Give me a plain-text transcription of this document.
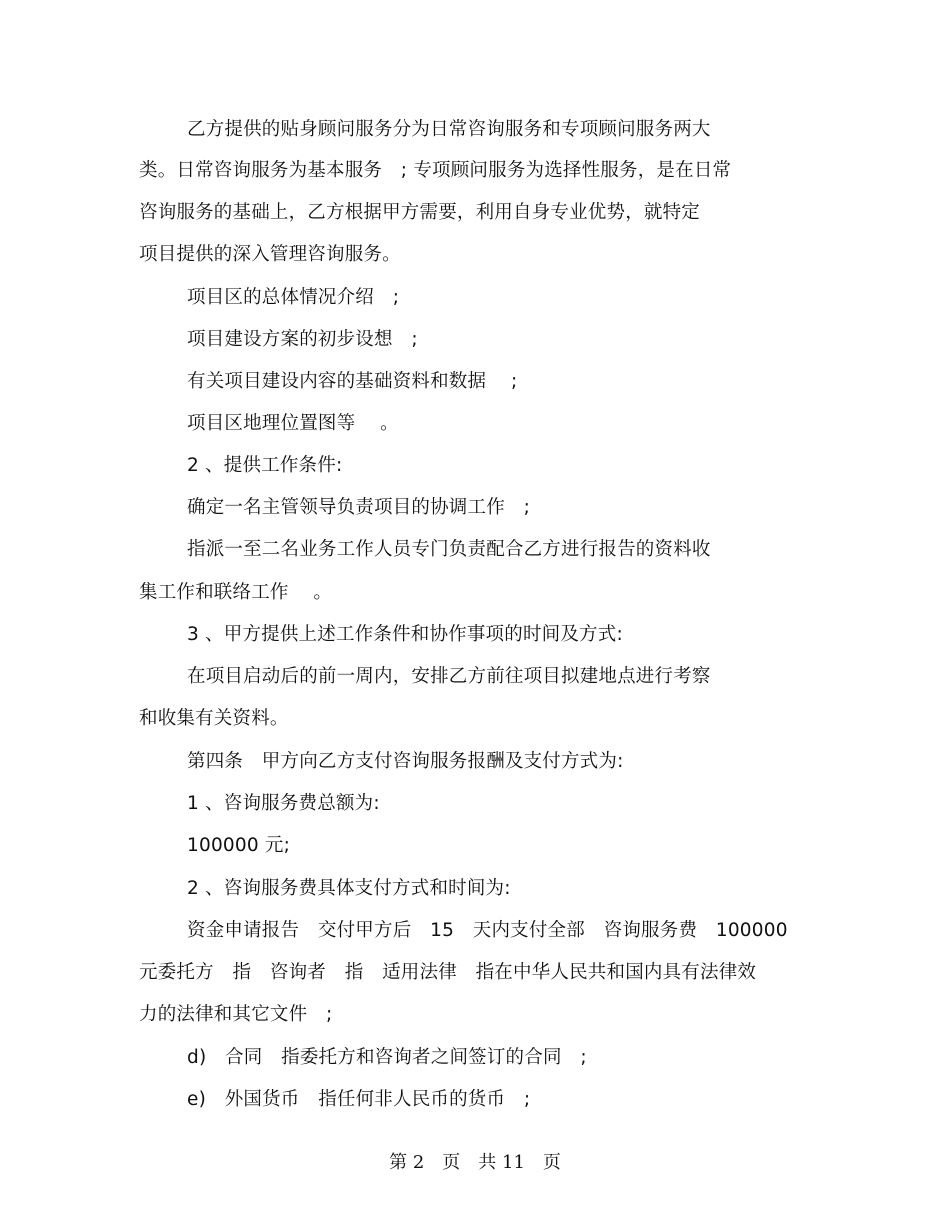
乙方提供的贴身顾问服务分为日常咨询服务和专项顾问服务两大
类。日常咨询服务为基本服务　; 专项顾问服务为选择性服务，是在日常
咨询服务的基础上，乙方根据甲方需要，利用自身专业优势，就特定
项目提供的深入管理咨询服务。
项目区的总体情况介绍　;
项目建设方案的初步设想　;
有关项目建设内容的基础资料和数据　 ;
项目区地理位置图等　 。
2 、提供工作条件:
确定一名主管领导负责项目的协调工作　;
指派一至二名业务工作人员专门负责配合乙方进行报告的资料收
集工作和联络工作　 。
3 、甲方提供上述工作条件和协作事项的时间及方式:
在项目启动后的前一周内，安排乙方前往项目拟建地点进行考察
和收集有关资料。
第四条　甲方向乙方支付咨询服务报酬及支付方式为:
1 、咨询服务费总额为:
100000 元;
2 、咨询服务费具体支付方式和时间为:
资金申请报告　交付甲方后　15　天内支付全部　咨询服务费　100000
元委托方　指　咨询者　指　适用法律　指在中华人民共和国内具有法律效
力的法律和其它文件　;
d)　合同　指委托方和咨询者之间签订的合同　;
e)　外国货币　指任何非人民币的货币　;
第 2　页　共 11　页
